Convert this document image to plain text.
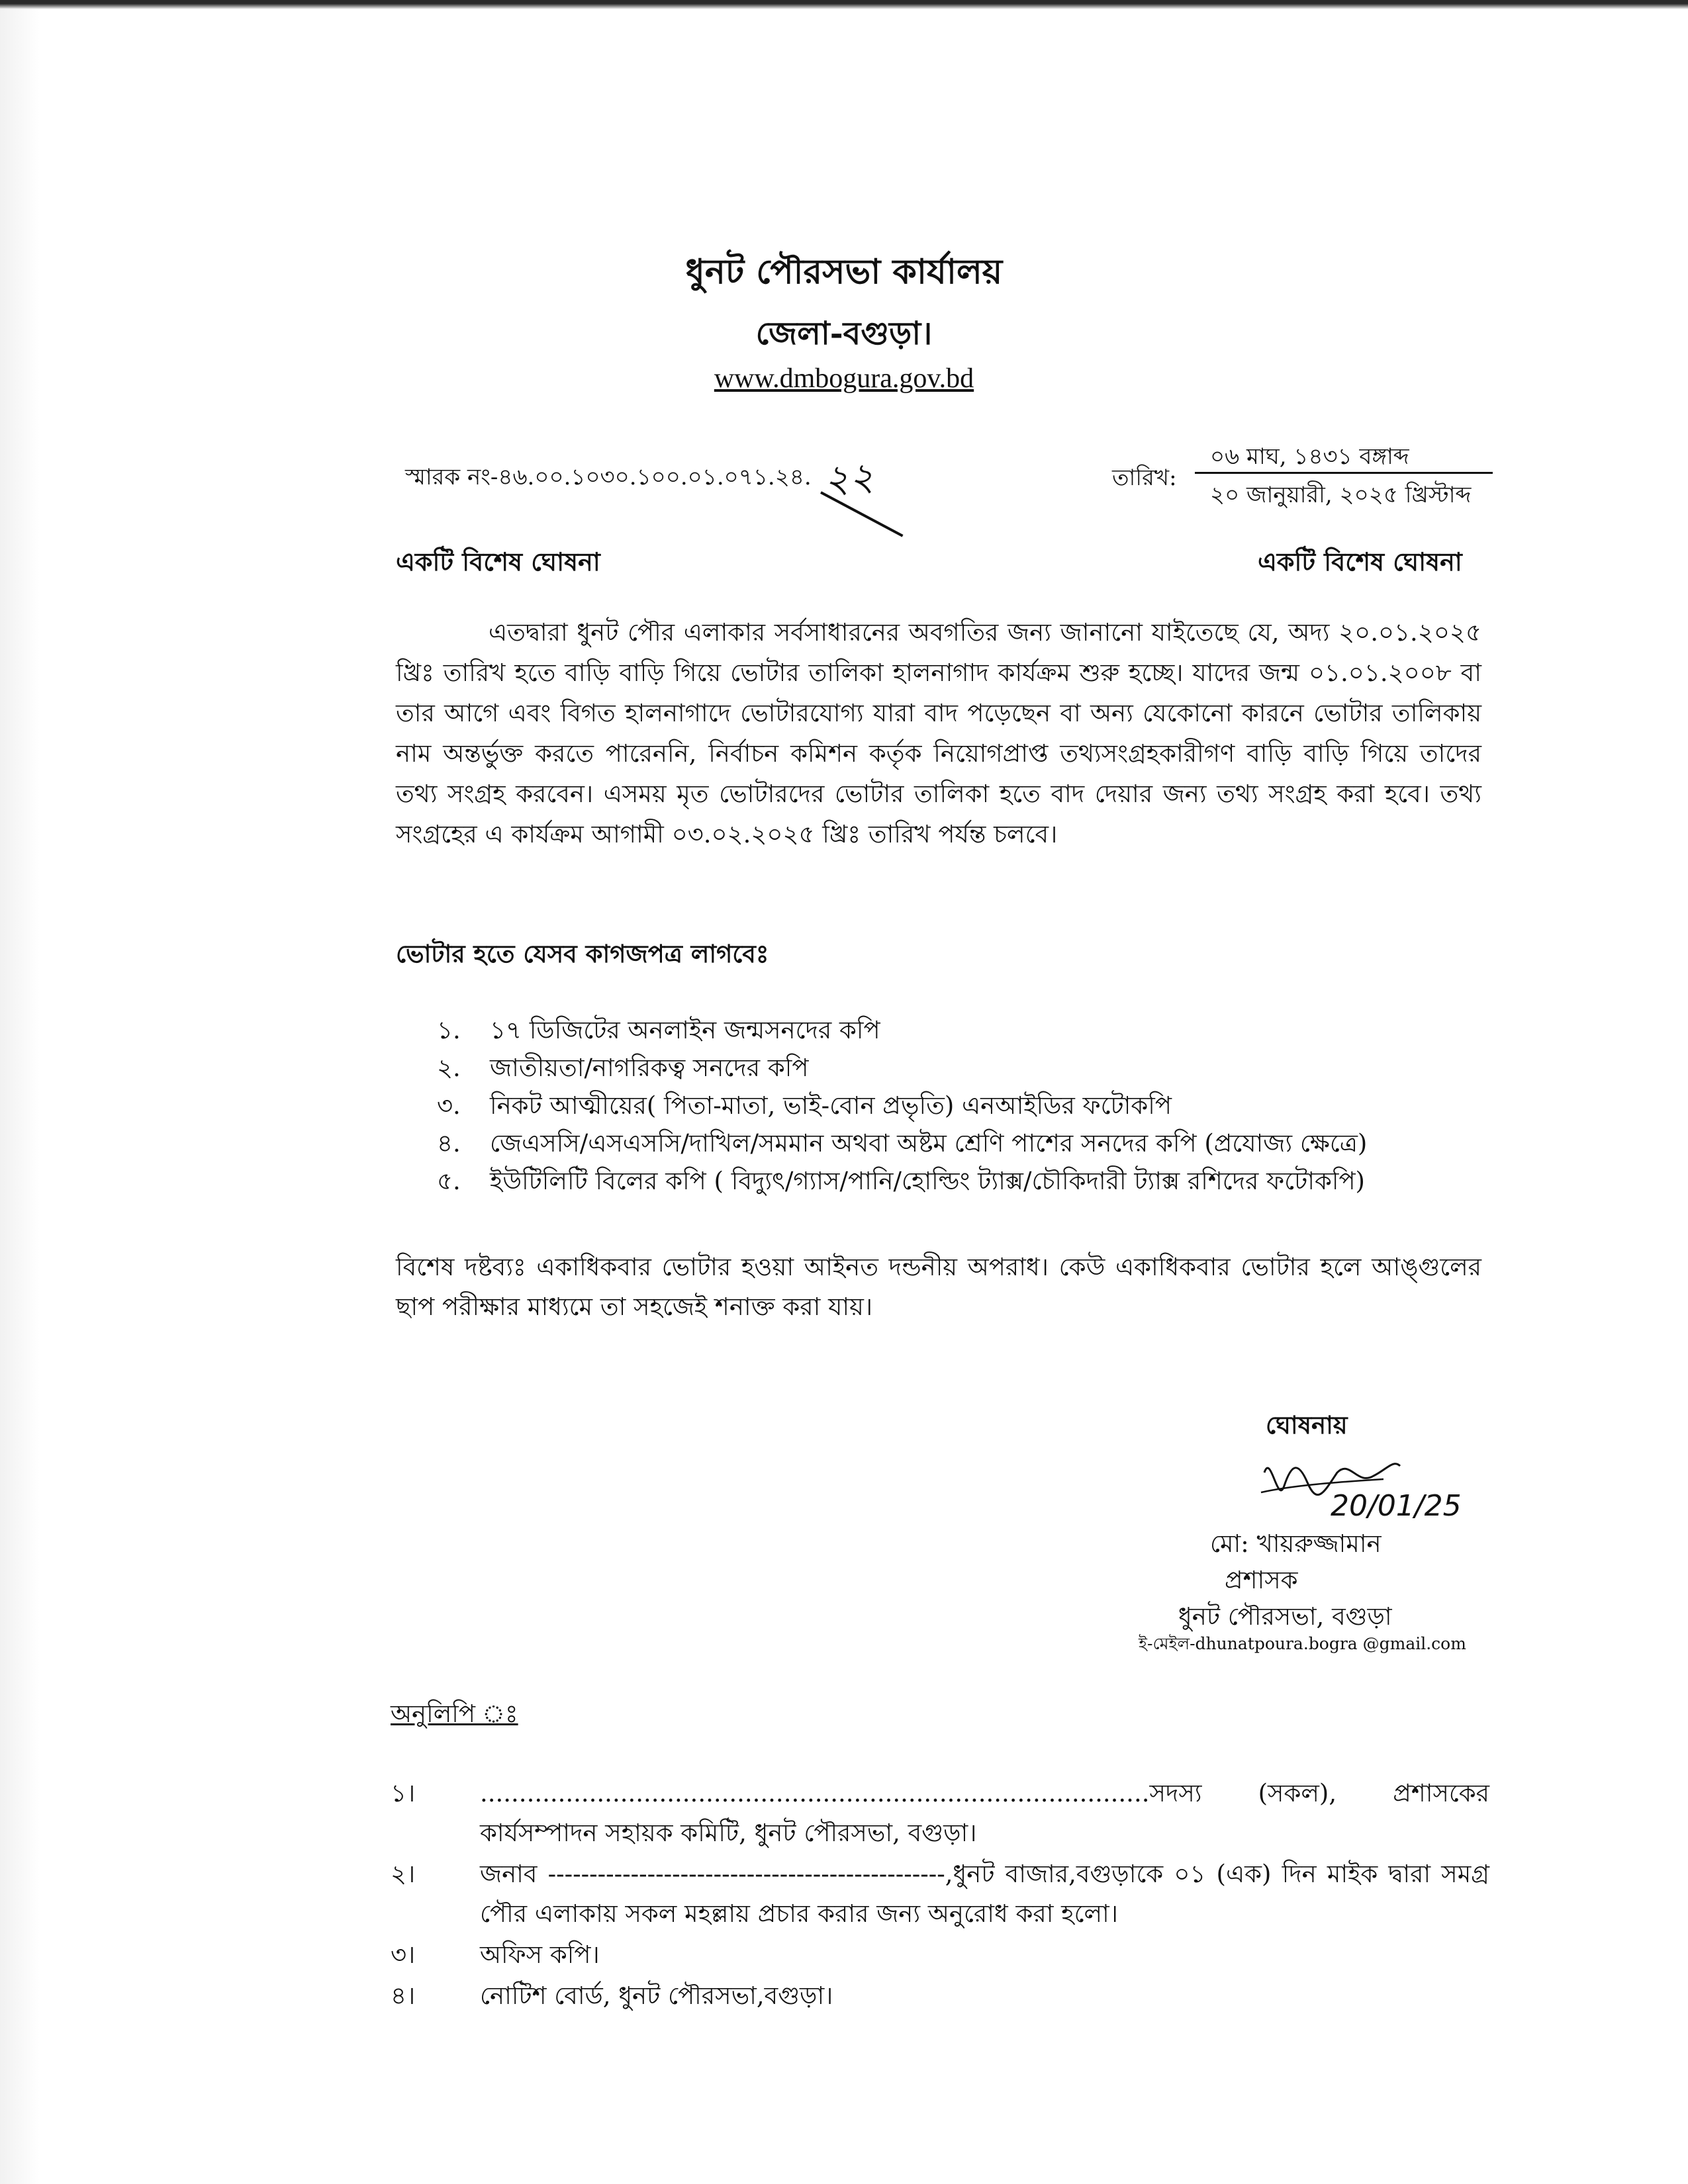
ধুনট পৌরসভা কার্যালয়
জেলা-বগুড়া।
www.dmbogura.gov.bd
স্মারক নং-৪৬.০০.১০৩০.১০০.০১.০৭১.২৪. ২২	তারিখ:
০৬ মাঘ, ১৪৩১ বঙ্গাব্দ
২০ জানুয়ারী, ২০২৫ খ্রিস্টাব্দ
একটি বিশেষ ঘোষনা	একটি বিশেষ ঘোষনা
এতদ্বারা ধুনট পৌর এলাকার সর্বসাধারনের অবগতির জন্য জানানো যাইতেছে যে, অদ্য ২০.০১.২০২৫ খ্রিঃ তারিখ হতে বাড়ি বাড়ি গিয়ে ভোটার তালিকা হালনাগাদ কার্যক্রম শুরু হচ্ছে। যাদের জন্ম ০১.০১.২০০৮ বা তার আগে এবং বিগত হালনাগাদে ভোটারযোগ্য যারা বাদ পড়েছেন বা অন্য যেকোনো কারনে ভোটার তালিকায় নাম অন্তর্ভুক্ত করতে পারেননি, নির্বাচন কমিশন কর্তৃক নিয়োগপ্রাপ্ত তথ্যসংগ্রহকারীগণ বাড়ি বাড়ি গিয়ে তাদের তথ্য সংগ্রহ করবেন। এসময় মৃত ভোটারদের ভোটার তালিকা হতে বাদ দেয়ার জন্য তথ্য সংগ্রহ করা হবে। তথ্য সংগ্রহের এ কার্যক্রম আগামী ০৩.০২.২০২৫ খ্রিঃ তারিখ পর্যন্ত চলবে।
ভোটার হতে যেসব কাগজপত্র লাগবেঃ
১. ১৭ ডিজিটের অনলাইন জন্মসনদের কপি
২. জাতীয়তা/নাগরিকত্ব সনদের কপি
৩. নিকট আত্মীয়ের( পিতা-মাতা, ভাই-বোন প্রভৃতি) এনআইডির ফটোকপি
৪. জেএসসি/এসএসসি/দাখিল/সমমান অথবা অষ্টম শ্রেণি পাশের সনদের কপি (প্রযোজ্য ক্ষেত্রে)
৫. ইউটিলিটি বিলের কপি ( বিদ্যুৎ/গ্যাস/পানি/হোল্ডিং ট্যাক্স/চৌকিদারী ট্যাক্স রশিদের ফটোকপি)
বিশেষ দষ্টব্যঃ একাধিকবার ভোটার হওয়া আইনত দন্ডনীয় অপরাধ। কেউ একাধিকবার ভোটার হলে আঙ্গুলের ছাপ পরীক্ষার মাধ্যমে তা সহজেই শনাক্ত করা যায়।
ঘোষনায়
20/01/25
মো: খায়রুজ্জামান
প্রশাসক
ধুনট পৌরসভা, বগুড়া
ই-মেইল-dhunatpoura.bogra @gmail.com
অনুলিপি ঃ
১।	......................................................................................সদস্য (সকল), প্রশাসকের কার্যসম্পাদন সহায়ক কমিটি, ধুনট পৌরসভা, বগুড়া।
২।	জনাব ------------------------------------------------,ধুনট বাজার,বগুড়াকে ০১ (এক) দিন মাইক দ্বারা সমগ্র পৌর এলাকায় সকল মহল্লায় প্রচার করার জন্য অনুরোধ করা হলো।
৩।	অফিস কপি।
৪।	নোটিশ বোর্ড, ধুনট পৌরসভা,বগুড়া।
